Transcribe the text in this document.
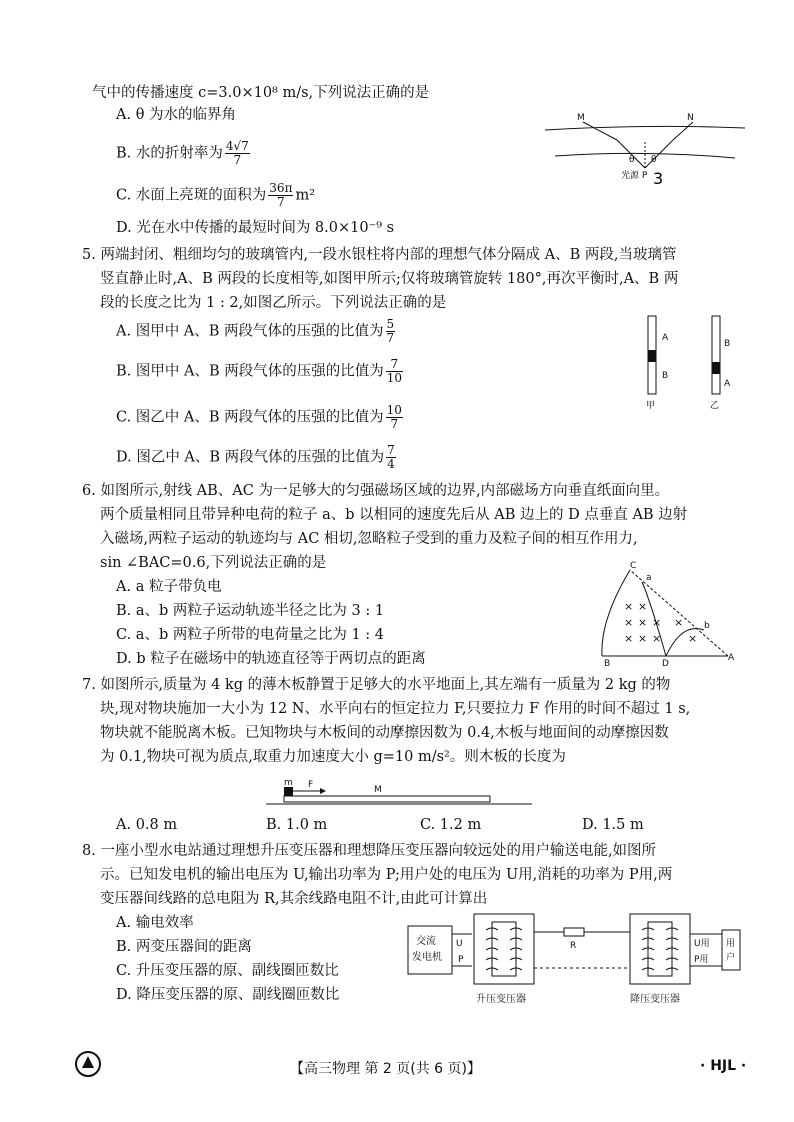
气中的传播速度 c=3.0×10⁸ m/s,下列说法正确的是
A. θ 为水的临界角
B. 水的折射率为 $\frac{4√7}{7}$
C. 水面上亮斑的面积为 $\frac{36\pi}{7} m^2$
D. 光在水中传播的最短时间为 8.0×10⁻⁹ s
M	N
θ θ
光源 P 3
5. 两端封闭、粗细均匀的玻璃管内,一段水银柱将内部的理想气体分隔成 A、B 两段,当玻璃管
竖直静止时,A、B 两段的长度相等,如图甲所示;仅将玻璃管旋转 180°,再次平衡时,A、B 两
段的长度之比为 1 : 2,如图乙所示。下列说法正确的是
A. 图甲中 A、B 两段气体的压强的比值为 $\frac{5}{7}$
B. 图甲中 A、B 两段气体的压强的比值为 $\frac{7}{10}$
C. 图乙中 A、B 两段气体的压强的比值为 $\frac{10}{7}$
D. 图乙中 A、B 两段气体的压强的比值为 $\frac{7}{4}$
A
B
甲
B
A
乙
6. 如图所示,射线 AB、AC 为一足够大的匀强磁场区域的边界,内部磁场方向垂直纸面向里。
两个质量相同且带异种电荷的粒子 a、b 以相同的速度先后从 AB 边上的 D 点垂直 AB 边射
入磁场,两粒子运动的轨迹均与 AC 相切,忽略粒子受到的重力及粒子间的相互作用力,
sin ∠BAC=0.6,下列说法正确的是
A. a 粒子带负电
B. a、b 两粒子运动轨迹半径之比为 3 : 1
C. a、b 两粒子所带的电荷量之比为 1 : 4
D. b 粒子在磁场中的轨迹直径等于两切点的距离
× ×
× × × ×
× × × ×
C
a
b
B	D
A
7. 如图所示,质量为 4 kg 的薄木板静置于足够大的水平地面上,其左端有一质量为 2 kg 的物
块,现对物块施加一大小为 12 N、水平向右的恒定拉力 F,只要拉力 F 作用的时间不超过 1 s,
物块就不能脱离木板。已知物块与木板间的动摩擦因数为 0.4,木板与地面间的动摩擦因数
为 0.1,物块可视为质点,取重力加速度大小 g=10 m/s²。则木板的长度为
m F	M
A. 0.8 m	B. 1.0 m	C. 1.2 m	D. 1.5 m
8. 一座小型水电站通过理想升压变压器和理想降压变压器向较远处的用户输送电能,如图所
示。已知发电机的输出电压为 U,输出功率为 P;用户处的电压为 U用,消耗的功率为 P用,两
变压器间线路的总电阻为 R,其余线路电阻不计,由此可计算出
A. 输电效率
B. 两变压器间的距离
C. 升压变压器的原、副线圈匝数比
D. 降压变压器的原、副线圈匝数比
交流
发电机
U
P
R	U用
P用
用
户
升压变压器	降压变压器
【高三物理 第 2 页(共 6 页)】	· HJL ·
